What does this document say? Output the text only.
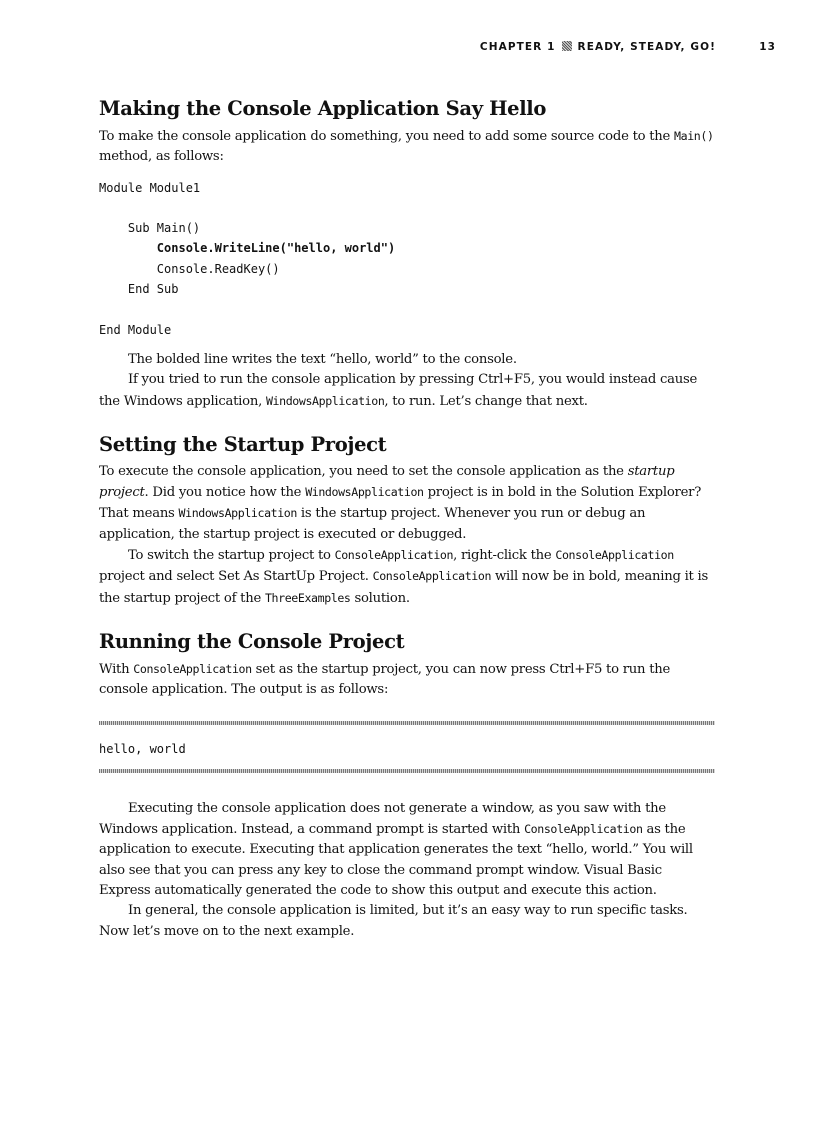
CHAPTER 1 READY, STEADY, GO!	13
Making the Console Application Say Hello

To make the console application do something, you need to add some source code to the Main() method, as follows:

Module Module1
Sub Main()
Console.WriteLine("hello, world")
Console.ReadKey()
End Sub
End Module

The bolded line writes the text “hello, world” to the console.

If you tried to run the console application by pressing Ctrl+F5, you would instead cause the Windows application, WindowsApplication, to run. Let’s change that next.

Setting the Startup Project

To execute the console application, you need to set the console application as the startup project. Did you notice how the WindowsApplication project is in bold in the Solution Explorer? That means WindowsApplication is the startup project. Whenever you run or debug an application, the startup project is executed or debugged.

To switch the startup project to ConsoleApplication, right-click the ConsoleApplication project and select Set As StartUp Project. ConsoleApplication will now be in bold, meaning it is the startup project of the ThreeExamples solution.

Running the Console Project

With ConsoleApplication set as the startup project, you can now press Ctrl+F5 to run the console application. The output is as follows:

hello, world

Executing the console application does not generate a window, as you saw with the Windows application. Instead, a command prompt is started with ConsoleApplication as the application to execute. Executing that application generates the text “hello, world.” You will also see that you can press any key to close the command prompt window. Visual Basic Express automatically generated the code to show this output and execute this action.

In general, the console application is limited, but it’s an easy way to run specific tasks. Now let’s move on to the next example.
